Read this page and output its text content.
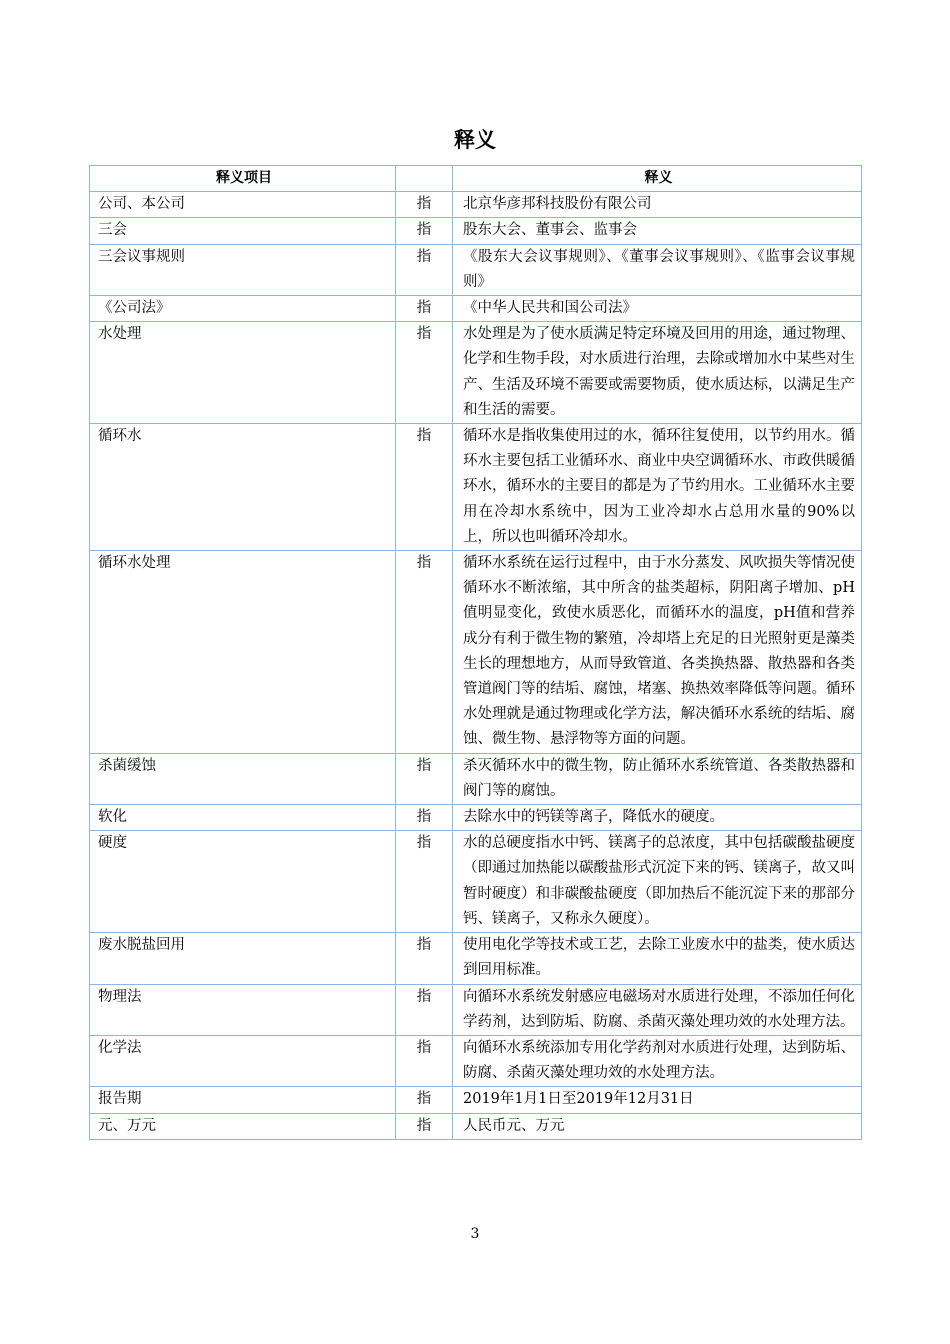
释义
释义项目		释义
公司、本公司	指	北京华彦邦科技股份有限公司
三会	指	股东大会、董事会、监事会
三会议事规则	指	《股东大会议事规则》、《董事会议事规则》、《监事会议事规则》
《公司法》	指	《中华人民共和国公司法》
水处理	指	水处理是为了使水质满足特定环境及回用的用途，通过物理、化学和生物手段，对水质进行治理，去除或增加水中某些对生产、生活及环境不需要或需要物质，使水质达标，以满足生产和生活的需要。
循环水	指	循环水是指收集使用过的水，循环往复使用，以节约用水。循环水主要包括工业循环水、商业中央空调循环水、市政供暖循环水，循环水的主要目的都是为了节约用水。工业循环水主要用在冷却水系统中，因为工业冷却水占总用水量的90%以上，所以也叫循环冷却水。
循环水处理	指	循环水系统在运行过程中，由于水分蒸发、风吹损失等情况使循环水不断浓缩，其中所含的盐类超标，阴阳离子增加、pH值明显变化，致使水质恶化，而循环水的温度，pH值和营养成分有利于微生物的繁殖，冷却塔上充足的日光照射更是藻类生长的理想地方，从而导致管道、各类换热器、散热器和各类管道阀门等的结垢、腐蚀，堵塞、换热效率降低等问题。循环水处理就是通过物理或化学方法，解决循环水系统的结垢、腐蚀、微生物、悬浮物等方面的问题。
杀菌缓蚀	指	杀灭循环水中的微生物，防止循环水系统管道、各类散热器和阀门等的腐蚀。
软化	指	去除水中的钙镁等离子，降低水的硬度。
硬度	指	水的总硬度指水中钙、镁离子的总浓度，其中包括碳酸盐硬度（即通过加热能以碳酸盐形式沉淀下来的钙、镁离子，故又叫暂时硬度）和非碳酸盐硬度（即加热后不能沉淀下来的那部分钙、镁离子，又称永久硬度）。
废水脱盐回用	指	使用电化学等技术或工艺，去除工业废水中的盐类，使水质达到回用标准。
物理法	指	向循环水系统发射感应电磁场对水质进行处理，不添加任何化学药剂，达到防垢、防腐、杀菌灭藻处理功效的水处理方法。
化学法	指	向循环水系统添加专用化学药剂对水质进行处理，达到防垢、防腐、杀菌灭藻处理功效的水处理方法。
报告期	指	2019年1月1日至2019年12月31日
元、万元	指	人民币元、万元
3
